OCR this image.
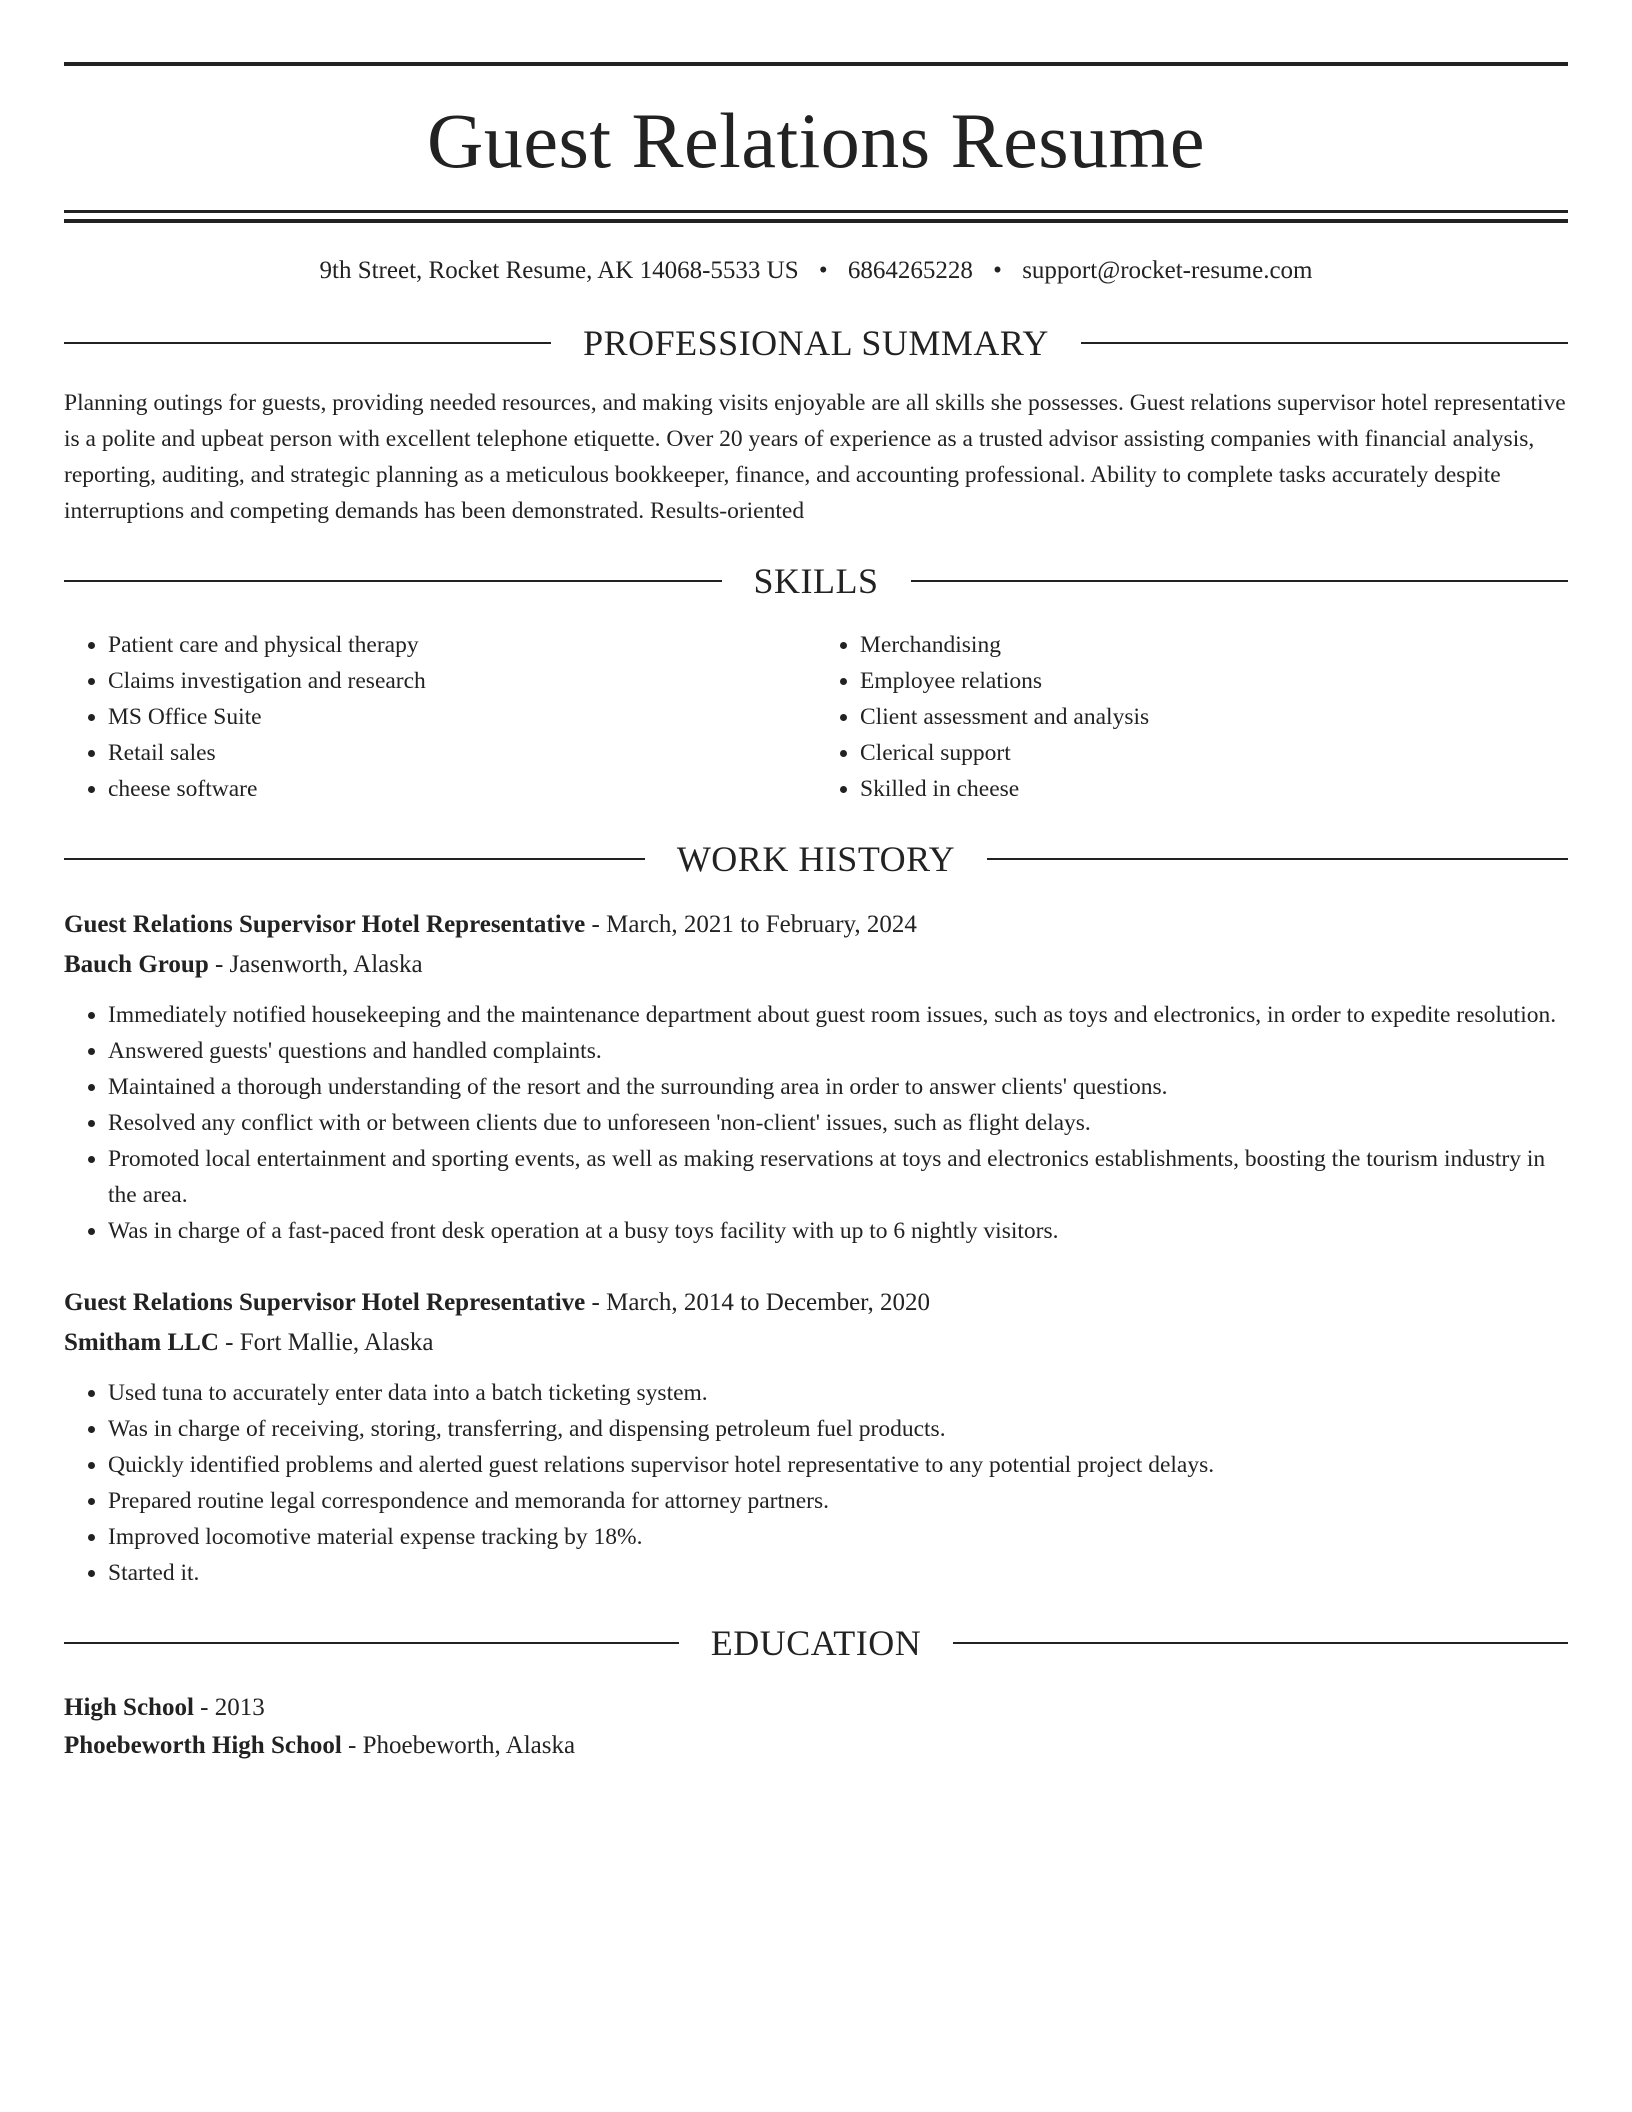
Guest Relations Resume
9th Street, Rocket Resume, AK 14068-5533 US • 6864265228 • support@rocket-resume.com
PROFESSIONAL SUMMARY

Planning outings for guests, providing needed resources, and making visits enjoyable are all skills she possesses. Guest relations supervisor hotel representative is a polite and upbeat person with excellent telephone etiquette. Over 20 years of experience as a trusted advisor assisting companies with financial analysis, reporting, auditing, and strategic planning as a meticulous bookkeeper, finance, and accounting professional. Ability to complete tasks accurately despite interruptions and competing demands has been demonstrated. Results-oriented

SKILLS
• Patient care and physical therapy
• Claims investigation and research
• MS Office Suite
• Retail sales
• cheese software
• Merchandising
• Employee relations
• Client assessment and analysis
• Clerical support
• Skilled in cheese
WORK HISTORY
Guest Relations Supervisor Hotel Representative - March, 2021 to February, 2024
Bauch Group - Jasenworth, Alaska
• Immediately notified housekeeping and the maintenance department about guest room issues, such as toys and electronics, in order to expedite resolution.
• Answered guests' questions and handled complaints.
• Maintained a thorough understanding of the resort and the surrounding area in order to answer clients' questions.
• Resolved any conflict with or between clients due to unforeseen 'non-client' issues, such as flight delays.
• Promoted local entertainment and sporting events, as well as making reservations at toys and electronics establishments, boosting the tourism industry in the area.
• Was in charge of a fast-paced front desk operation at a busy toys facility with up to 6 nightly visitors.
Guest Relations Supervisor Hotel Representative - March, 2014 to December, 2020
Smitham LLC - Fort Mallie, Alaska
• Used tuna to accurately enter data into a batch ticketing system.
• Was in charge of receiving, storing, transferring, and dispensing petroleum fuel products.
• Quickly identified problems and alerted guest relations supervisor hotel representative to any potential project delays.
• Prepared routine legal correspondence and memoranda for attorney partners.
• Improved locomotive material expense tracking by 18%.
• Started it.
EDUCATION
High School - 2013
Phoebeworth High School - Phoebeworth, Alaska
